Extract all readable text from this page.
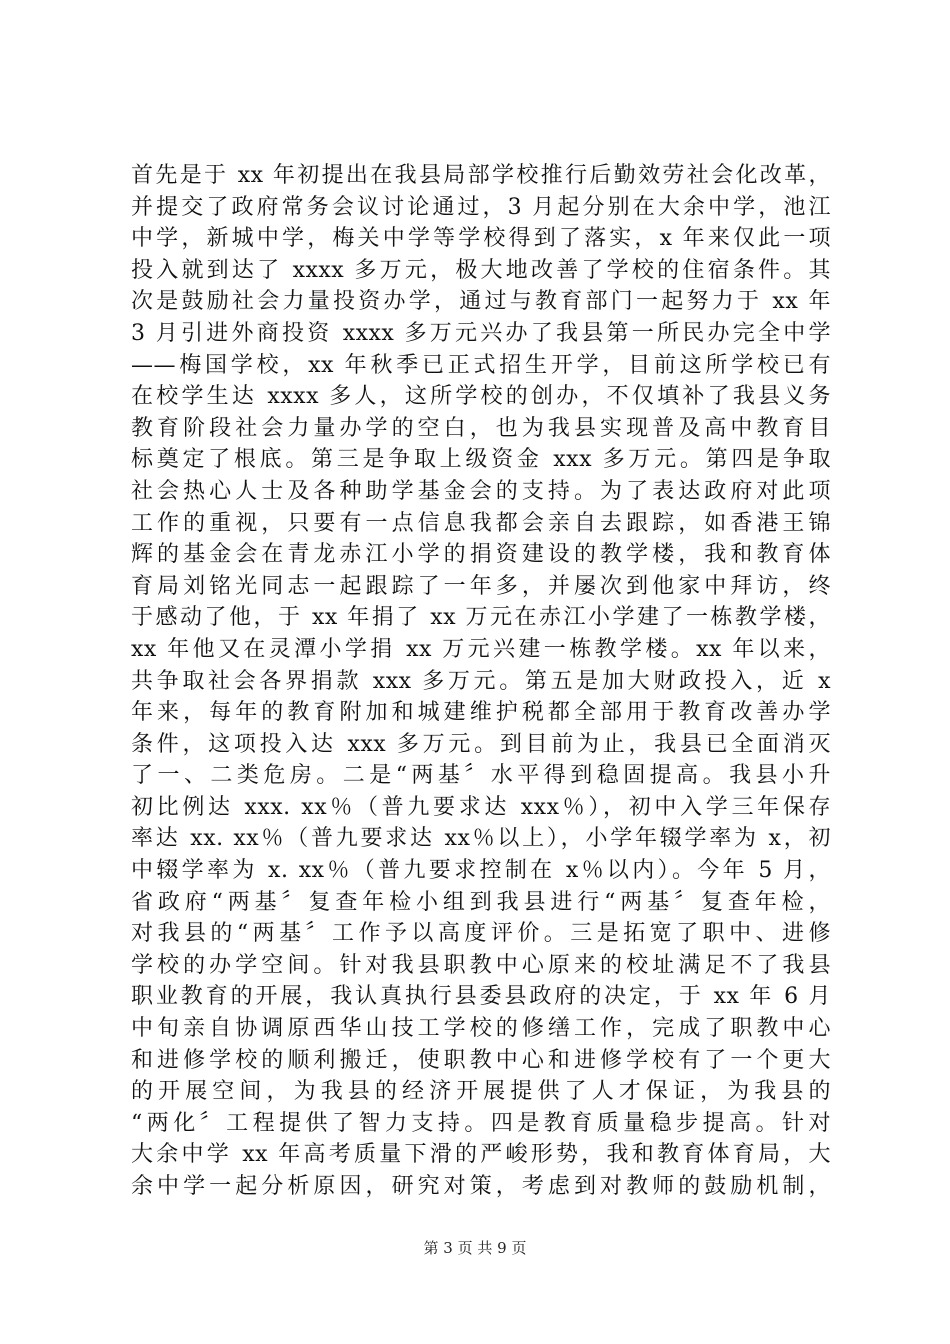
首先是于 xx 年初提出在我县局部学校推行后勤效劳社会化改革，
并提交了政府常务会议讨论通过，3 月起分别在大余中学，池江
中学，新城中学，梅关中学等学校得到了落实，x 年来仅此一项
投入就到达了 xxxx 多万元，极大地改善了学校的住宿条件。其
次是鼓励社会力量投资办学，通过与教育部门一起努力于 xx 年
3 月引进外商投资 xxxx 多万元兴办了我县第一所民办完全中学
——梅国学校，xx 年秋季已正式招生开学，目前这所学校已有
在校学生达 xxxx 多人，这所学校的创办，不仅填补了我县义务
教育阶段社会力量办学的空白，也为我县实现普及高中教育目
标奠定了根底。第三是争取上级资金 xxx 多万元。第四是争取
社会热心人士及各种助学基金会的支持。为了表达政府对此项
工作的重视，只要有一点信息我都会亲自去跟踪，如香港王锦
辉的基金会在青龙赤江小学的捐资建设的教学楼，我和教育体
育局刘铭光同志一起跟踪了一年多，并屡次到他家中拜访，终
于感动了他，于 xx 年捐了 xx 万元在赤江小学建了一栋教学楼，
xx 年他又在灵潭小学捐 xx 万元兴建一栋教学楼。xx 年以来，
共争取社会各界捐款 xxx 多万元。第五是加大财政投入，近 x
年来，每年的教育附加和城建维护税都全部用于教育改善办学
条件，这项投入达 xxx 多万元。到目前为止，我县已全面消灭
了一、二类危房。二是“两基〞水平得到稳固提高。我县小升
初比例达 xxx. xx％（普九要求达 xxx％），初中入学三年保存
率达 xx. xx％（普九要求达 xx％以上），小学年辍学率为 x，初
中辍学率为 x. xx％（普九要求控制在 x％以内）。今年 5 月，
省政府“两基〞复查年检小组到我县进行“两基〞复查年检，
对我县的“两基〞工作予以高度评价。三是拓宽了职中、进修
学校的办学空间。针对我县职教中心原来的校址满足不了我县
职业教育的开展，我认真执行县委县政府的决定，于 xx 年 6 月
中旬亲自协调原西华山技工学校的修缮工作，完成了职教中心
和进修学校的顺利搬迁，使职教中心和进修学校有了一个更大
的开展空间，为我县的经济开展提供了人才保证，为我县的
“两化〞工程提供了智力支持。四是教育质量稳步提高。针对
大余中学 xx 年高考质量下滑的严峻形势，我和教育体育局，大
余中学一起分析原因，研究对策，考虑到对教师的鼓励机制，
第 3 页 共 9 页
